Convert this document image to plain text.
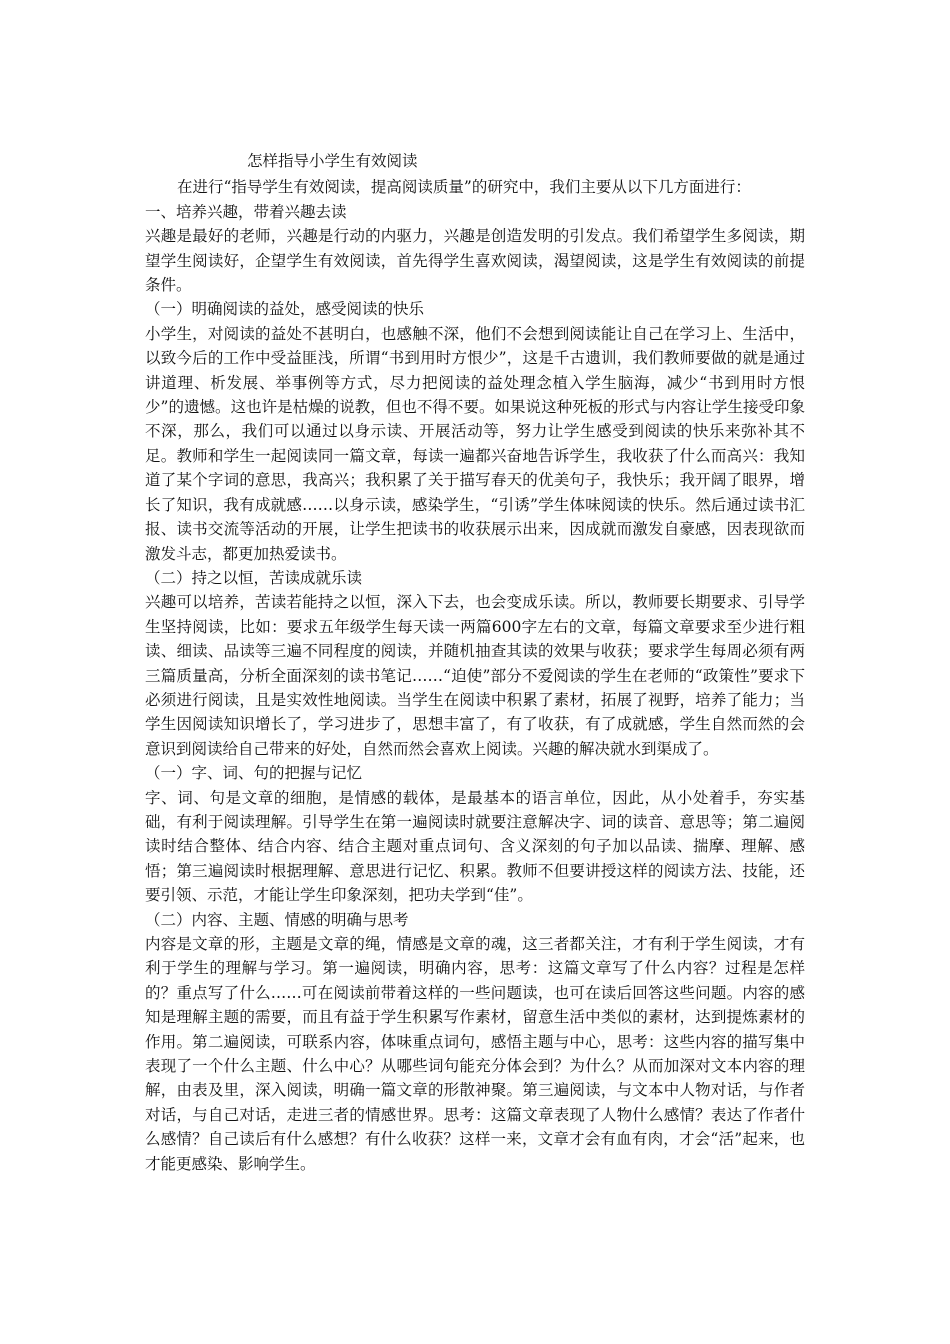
怎样指导小学生有效阅读
在进行“指导学生有效阅读，提高阅读质量”的研究中，我们主要从以下几方面进行：
一、培养兴趣，带着兴趣去读

兴趣是最好的老师，兴趣是行动的内驱力，兴趣是创造发明的引发点。我们希望学生多阅读，期望学生阅读好，企望学生有效阅读，首先得学生喜欢阅读，渴望阅读，这是学生有效阅读的前提条件。

（一）明确阅读的益处，感受阅读的快乐

小学生，对阅读的益处不甚明白，也感触不深，他们不会想到阅读能让自己在学习上、生活中，以致今后的工作中受益匪浅，所谓“书到用时方恨少”，这是千古遗训，我们教师要做的就是通过讲道理、析发展、举事例等方式，尽力把阅读的益处理念植入学生脑海，减少“书到用时方恨少”的遗憾。这也许是枯燥的说教，但也不得不要。如果说这种死板的形式与内容让学生接受印象不深，那么，我们可以通过以身示读、开展活动等，努力让学生感受到阅读的快乐来弥补其不足。教师和学生一起阅读同一篇文章，每读一遍都兴奋地告诉学生，我收获了什么而高兴：我知道了某个字词的意思，我高兴；我积累了关于描写春天的优美句子，我快乐；我开阔了眼界，增长了知识，我有成就感……以身示读，感染学生，“引诱”学生体味阅读的快乐。然后通过读书汇报、读书交流等活动的开展，让学生把读书的收获展示出来，因成就而激发自豪感，因表现欲而激发斗志，都更加热爱读书。

（二）持之以恒，苦读成就乐读

兴趣可以培养，苦读若能持之以恒，深入下去，也会变成乐读。所以，教师要长期要求、引导学生坚持阅读，比如：要求五年级学生每天读一两篇600字左右的文章，每篇文章要求至少进行粗读、细读、品读等三遍不同程度的阅读，并随机抽查其读的效果与收获；要求学生每周必须有两三篇质量高，分析全面深刻的读书笔记……“迫使”部分不爱阅读的学生在老师的“政策性”要求下必须进行阅读，且是实效性地阅读。当学生在阅读中积累了素材，拓展了视野，培养了能力；当学生因阅读知识增长了，学习进步了，思想丰富了，有了收获，有了成就感，学生自然而然的会意识到阅读给自己带来的好处，自然而然会喜欢上阅读。兴趣的解决就水到渠成了。

（一）字、词、句的把握与记忆

字、词、句是文章的细胞，是情感的载体，是最基本的语言单位，因此，从小处着手，夯实基础，有利于阅读理解。引导学生在第一遍阅读时就要注意解决字、词的读音、意思等；第二遍阅读时结合整体、结合内容、结合主题对重点词句、含义深刻的句子加以品读、揣摩、理解、感悟；第三遍阅读时根据理解、意思进行记忆、积累。教师不但要讲授这样的阅读方法、技能，还要引领、示范，才能让学生印象深刻，把功夫学到“佳”。

（二）内容、主题、情感的明确与思考

内容是文章的形，主题是文章的绳，情感是文章的魂，这三者都关注，才有利于学生阅读，才有利于学生的理解与学习。第一遍阅读，明确内容，思考：这篇文章写了什么内容？过程是怎样的？重点写了什么……可在阅读前带着这样的一些问题读，也可在读后回答这些问题。内容的感知是理解主题的需要，而且有益于学生积累写作素材，留意生活中类似的素材，达到提炼素材的作用。第二遍阅读，可联系内容，体味重点词句，感悟主题与中心，思考：这些内容的描写集中表现了一个什么主题、什么中心？从哪些词句能充分体会到？为什么？从而加深对文本内容的理解，由表及里，深入阅读，明确一篇文章的形散神聚。第三遍阅读，与文本中人物对话，与作者对话，与自己对话，走进三者的情感世界。思考：这篇文章表现了人物什么感情？表达了作者什么感情？自己读后有什么感想？有什么收获？这样一来，文章才会有血有肉，才会“活”起来，也才能更感染、影响学生。
